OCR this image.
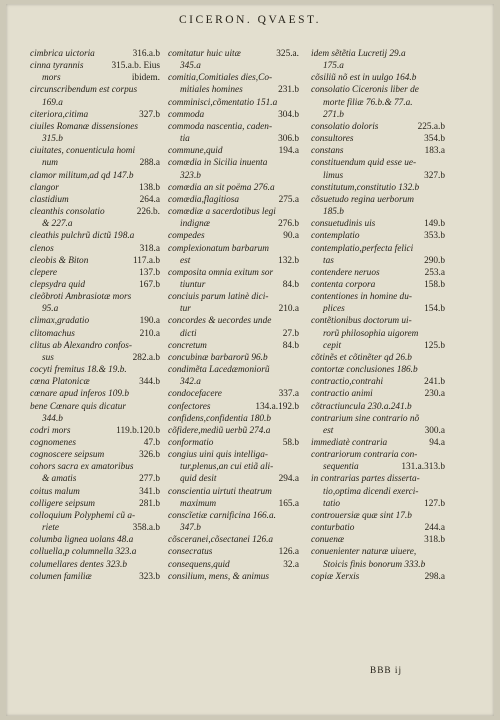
CICERON. QVAEST.
cimbrica uictoria	316.a.b
cinna tyrannis	315.a.b. Eius
mors	ibidem.
circunscribendum est corpus
169.a
citeriora,citima	327.b
ciuiles Romanæ dissensiones
315.b
ciuitates, conuenticula homi
num	288.a
clamor militum,ad qd 147.b
clangor	138.b
clastidium	264.a
cleanthis consolatio	226.b.
& 227.a
cleathis pulchrũ dictũ 198.a
clenos	318.a
cleobis & Biton	117.a.b
clepere	137.b
clepsydra quid	167.b
cleõbroti Ambrasiotæ mors
95.a
climax,gradatio	190.a
clitomachus	210.a
clitus ab Alexandro confos-
sus	282.a.b
cocyti fremitus 18.& 19.b.
cœna Platonicæ	344.b
cœnare apud inferos 109.b
bene Cœnare quis dicatur
344.b
codri mors	119.b.120.b
cognomenes	47.b
cognoscere seipsum	326.b
cohors sacra ex amatoribus
& amatis	277.b
coitus malum	341.b
colligere seipsum	281.b
colloquium Polyphemi cũ a-
riete	358.a.b
columba lignea uolans 48.a
colluella,p columnella 323.a
columellares dentes 323.b
columen familiæ	323.b
comitatur huic uitæ	325.a.
345.a
comitia,Comitiales dies,Co-
mitiales homines	231.b
comminisci,cõmentatio 151.a
commoda	304.b
commoda nascentia, caden-
tia	306.b
commune,quid	194.a
comœdia in Sicilia inuenta
323.b
comœdia an sit poëma 276.a
comœdia,flagitiosa	275.a
comœdiæ a sacerdotibus legi
indignæ	276.b
compedes	90.a
complexionatum barbarum
est	132.b
composita omnia exitum sor
tiuntur	84.b
conciuis parum latinè dici-
tur	210.a
concordes & uecordes unde
dicti	27.b
concretum	84.b
concubinæ barbarorũ 96.b
condimẽta Lacedæmoniorũ
342.a
condocefacere	337.a
confectores	134.a.192.b
confidens,confidentia 180.b
cõfidere,mediũ uerbũ 274.a
conformatio	58.b
congius uini quis intelliga-
tur,plenus,an cui etiã ali-
quid desit	294.a
conscientia uirtuti theatrum
maximum	165.a
conscĩetiæ carnificina 166.a.
347.b
cõsceranei,cõsectanei 126.a
consecratus	126.a
consequens,quid	32.a
consilium, mens, & animus
idem sẽtẽtia Lucretij 29.a
175.a
cõsiliũ nõ est in uulgo 164.b
consolatio Ciceronis liber de
morte filiæ 76.b.& 77.a.
271.b
consolatio doloris	225.a.b
consultores	354.b
constans	183.a
constituendum quid esse ue-
limus	327.b
constitutum,constitutio 132.b
cõsuetudo regina uerborum
185.b
consuetudinis uis	149.b
contemplatio	353.b
contemplatio,perfecta felici
tas	290.b
contendere neruos	253.a
contenta corpora	158.b
contentiones in homine du-
plices	154.b
contẽtionibus doctorum ui-
rorũ philosophia uigorem
cepit	125.b
cõtinẽs et cõtinẽter qd 26.b
contortæ conclusiones 186.b
contractio,contrahi	241.b
contractio animi	230.a
cõtractiuncula 230.a.241.b
contrarium sine contrario nõ
est	300.a
immediatè contraria	94.a
contrariorum contraria con-
sequentia	131.a.313.b
in contrarias partes disserta-
tio,optima dicendi exerci-
tatio	127.b
controuersiæ quæ sint 17.b
conturbatio	244.a
conuenæ	318.b
conuenienter naturæ uiuere,
Stoicis finis bonorum 333.b
copiæ Xerxis	298.a
BBB ij
